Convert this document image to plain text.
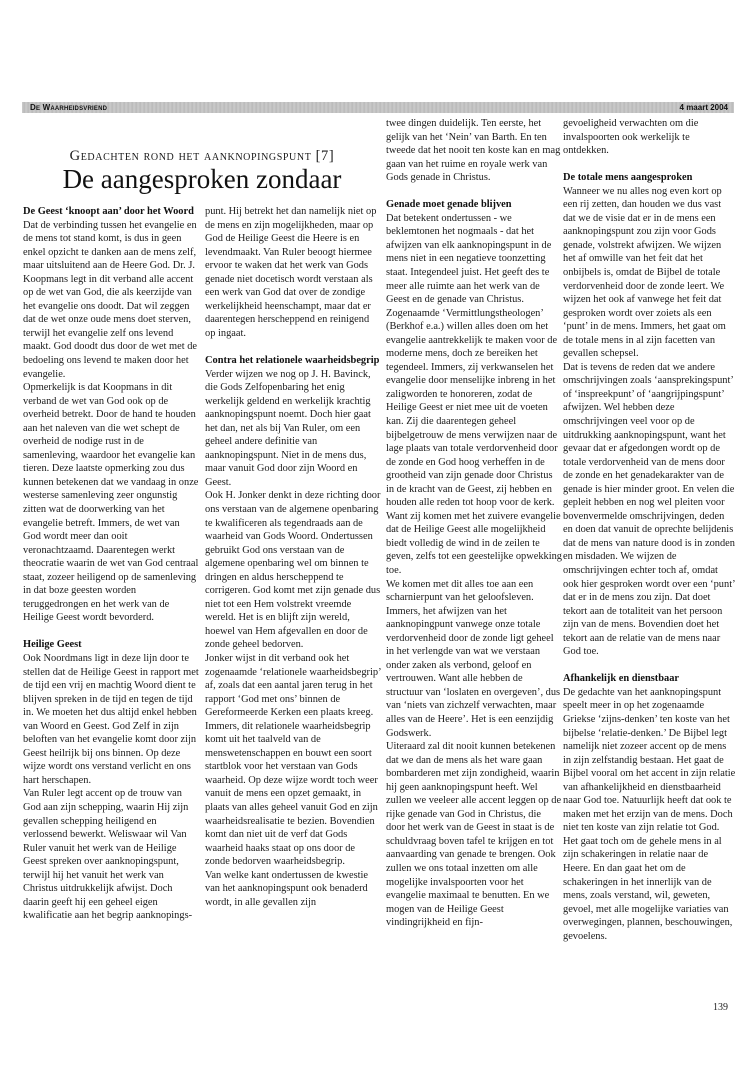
De Waarheidsvriend	4 maart 2004
Gedachten rond het aanknopingspunt [7]
De aangesproken zondaar
De Geest ‘knoopt aan’ door het Woord

Dat de verbinding tussen het evangelie en de mens tot stand komt, is dus in geen enkel opzicht te danken aan de mens zelf, maar uitsluitend aan de Heere God. Dr. J. Koopmans legt in dit verband alle accent op de wet van God, die als keerzijde van het evangelie ons doodt. Dat wil zeggen dat de wet onze oude mens doet sterven, terwijl het evangelie zelf ons levend maakt. God doodt dus door de wet met de bedoeling ons levend te maken door het evangelie.

Opmerkelijk is dat Koopmans in dit verband de wet van God ook op de overheid betrekt. Door de hand te houden aan het naleven van die wet schept de overheid de nodige rust in de samenleving, waardoor het evangelie kan tieren. Deze laatste opmerking zou dus kunnen betekenen dat we vandaag in onze westerse samenleving zeer ongunstig zitten wat de doorwerking van het evangelie betreft. Immers, de wet van God wordt meer dan ooit veronachtzaamd. Daarentegen werkt theocratie waarin de wet van God centraal staat, zozeer heiligend op de samenleving in dat boze geesten worden teruggedrongen en het werk van de Heilige Geest wordt bevorderd.

Heilige Geest

Ook Noordmans ligt in deze lijn door te stellen dat de Heilige Geest in rapport met de tijd een vrij en machtig Woord dient te blijven spreken in de tijd en tegen de tijd in. We moeten het dus altijd enkel hebben van Woord en Geest. God Zelf in zijn beloften van het evangelie komt door zijn Geest heilrijk bij ons binnen. Op deze wijze wordt ons verstand verlicht en ons hart herschapen.

Van Ruler legt accent op de trouw van God aan zijn schepping, waarin Hij zijn gevallen schepping heiligend en verlossend bewerkt. Weliswaar wil Van Ruler vanuit het werk van de Heilige Geest spreken over aanknopingspunt, terwijl hij het vanuit het werk van Christus uitdrukkelijk afwijst. Doch daarin geeft hij een geheel eigen kwalificatie aan het begrip aanknopings-

punt. Hij betrekt het dan namelijk niet op de mens en zijn mogelijkheden, maar op God de Heilige Geest die Heere is en levendmaakt. Van Ruler beoogt hiermee ervoor te waken dat het werk van Gods genade niet docetisch wordt verstaan als een werk van God dat over de zondige werkelijkheid heenschampt, maar dat er daarentegen herscheppend en reinigend op ingaat.

Contra het relationele waarheidsbegrip

Verder wijzen we nog op J. H. Bavinck, die Gods Zelfopenbaring het enig werkelijk geldend en werkelijk krachtig aanknopingspunt noemt. Doch hier gaat het dan, net als bij Van Ruler, om een geheel andere definitie van aanknopingspunt. Niet in de mens dus, maar vanuit God door zijn Woord en Geest.

Ook H. Jonker denkt in deze richting door ons verstaan van de algemene openbaring te kwalificeren als tegendraads aan de waarheid van Gods Woord. Ondertussen gebruikt God ons verstaan van de algemene openbaring wel om binnen te dringen en aldus herscheppend te corrigeren. God komt met zijn genade dus niet tot een Hem volstrekt vreemde wereld. Het is en blijft zijn wereld, hoewel van Hem afgevallen en door de zonde geheel bedorven.

Jonker wijst in dit verband ook het zogenaamde ‘relationele waarheidsbegrip’ af, zoals dat een aantal jaren terug in het rapport ‘God met ons’ binnen de Gereformeerde Kerken een plaats kreeg. Immers, dit relationele waarheidsbegrip komt uit het taalveld van de menswetenschappen en bouwt een soort startblok voor het verstaan van Gods waarheid. Op deze wijze wordt toch weer vanuit de mens een opzet gemaakt, in plaats van alles geheel vanuit God en zijn waarheidsrealisatie te bezien. Bovendien komt dan niet uit de verf dat Gods waarheid haaks staat op ons door de zonde bedorven waarheidsbegrip.

Van welke kant ondertussen de kwestie van het aanknopingspunt ook benaderd wordt, in alle gevallen zijn

twee dingen duidelijk. Ten eerste, het gelijk van het ‘Nein’ van Barth. En ten tweede dat het nooit ten koste kan en mag gaan van het ruime en royale werk van Gods genade in Christus.

Genade moet genade blijven

Dat betekent ondertussen - we beklemtonen het nogmaals - dat het afwijzen van elk aanknopingspunt in de mens niet in een negatieve toonzetting staat. Integendeel juist. Het geeft des te meer alle ruimte aan het werk van de Geest en de genade van Christus. Zogenaamde ‘Vermittlungstheologen’ (Berkhof e.a.) willen alles doen om het evangelie aantrekkelijk te maken voor de moderne mens, doch ze bereiken het tegendeel. Immers, zij verkwanselen het evangelie door menselijke inbreng in het zaligworden te honoreren, zodat de Heilige Geest er niet mee uit de voeten kan. Zij die daarentegen geheel bijbelgetrouw de mens verwijzen naar de lage plaats van totale verdorvenheid door de zonde en God hoog verheffen in de grootheid van zijn genade door Christus in de kracht van de Geest, zij hebben en houden alle reden tot hoop voor de kerk. Want zij komen met het zuivere evangelie dat de Heilige Geest alle mogelijkheid biedt volledig de wind in de zeilen te geven, zelfs tot een geestelijke opwekking toe.

We komen met dit alles toe aan een scharnierpunt van het geloofsleven. Immers, het afwijzen van het aanknopingpunt vanwege onze totale verdorvenheid door de zonde ligt geheel in het verlengde van wat we verstaan onder zaken als verbond, geloof en vertrouwen. Want alle hebben de structuur van ‘loslaten en overgeven’, dus van ‘niets van zichzelf verwachten, maar alles van de Heere’. Het is een eenzijdig Godswerk.

Uiteraard zal dit nooit kunnen betekenen dat we dan de mens als het ware gaan bombarderen met zijn zondigheid, waarin hij geen aanknopingspunt heeft. Wel zullen we veeleer alle accent leggen op de rijke genade van God in Christus, die door het werk van de Geest in staat is de schuldvraag boven tafel te krijgen en tot aanvaarding van genade te brengen. Ook zullen we ons totaal inzetten om alle mogelijke invalspoorten voor het evangelie maximaal te benutten. En we mogen van de Heilige Geest vindingrijkheid en fijn-

gevoeligheid verwachten om die invalspoorten ook werkelijk te ontdekken.

De totale mens aangesproken

Wanneer we nu alles nog even kort op een rij zetten, dan houden we dus vast dat we de visie dat er in de mens een aanknopingspunt zou zijn voor Gods genade, volstrekt afwijzen. We wijzen het af omwille van het feit dat het onbijbels is, omdat de Bijbel de totale verdorvenheid door de zonde leert. We wijzen het ook af vanwege het feit dat gesproken wordt over zoiets als een ‘punt’ in de mens. Immers, het gaat om de totale mens in al zijn facetten van gevallen schepsel.

Dat is tevens de reden dat we andere omschrijvingen zoals ‘aansprekingspunt’ of ‘inspreekpunt’ of ‘aangrijpingspunt’ afwijzen. Wel hebben deze omschrijvingen veel voor op de uitdrukking aanknopingspunt, want het gevaar dat er afgedongen wordt op de totale verdorvenheid van de mens door de zonde en het genadekarakter van de genade is hier minder groot. En velen die gepleit hebben en nog wel pleiten voor bovenvermelde omschrijvingen, deden en doen dat vanuit de oprechte belijdenis dat de mens van nature dood is in zonden en misdaden. We wijzen de omschrijvingen echter toch af, omdat ook hier gesproken wordt over een ‘punt’ dat er in de mens zou zijn. Dat doet tekort aan de totaliteit van het persoon zijn van de mens. Bovendien doet het tekort aan de relatie van de mens naar God toe.

Afhankelijk en dienstbaar

De gedachte van het aanknopingspunt speelt meer in op het zogenaamde Griekse ‘zijns-denken’ ten koste van het bijbelse ‘relatie-denken.’ De Bijbel legt namelijk niet zozeer accent op de mens in zijn zelfstandig bestaan. Het gaat de Bijbel vooral om het accent in zijn relatie van afhankelijkheid en dienstbaarheid naar God toe. Natuurlijk heeft dat ook te maken met het erzijn van de mens. Doch niet ten koste van zijn relatie tot God. Het gaat toch om de gehele mens in al zijn schakeringen in relatie naar de Heere. En dan gaat het om de schakeringen in het innerlijk van de mens, zoals verstand, wil, geweten, gevoel, met alle mogelijke variaties van overwegingen, plannen, beschouwingen, gevoelens.

139
